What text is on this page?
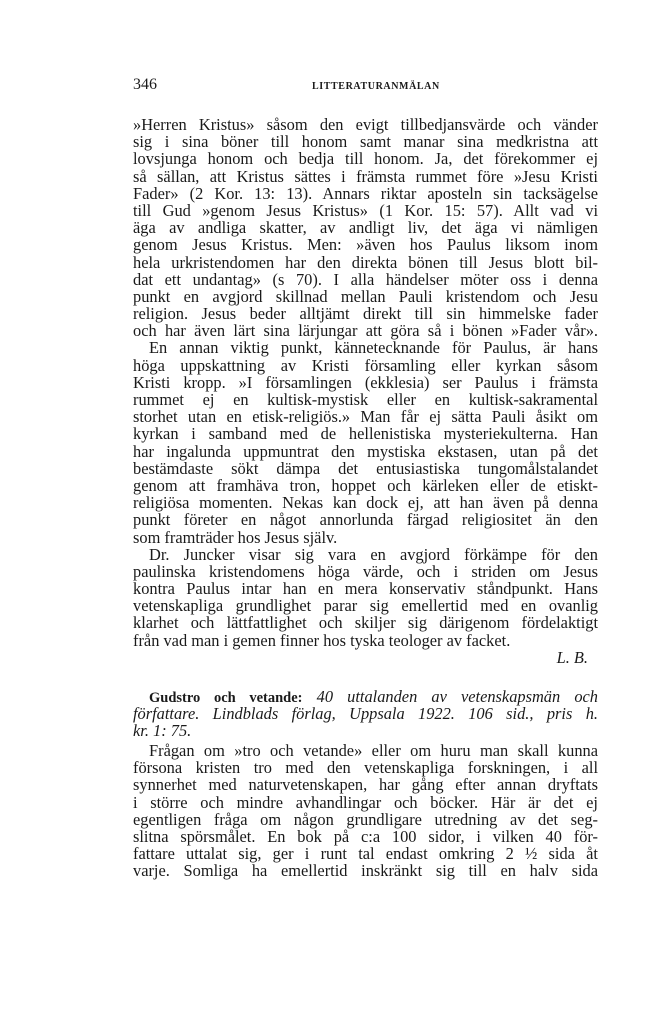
346	LITTERATURANMÄLAN
»Herren Kristus» såsom den evigt tillbedjansvärde och vänder
sig i sina böner till honom samt manar sina medkristna att
lovsjunga honom och bedja till honom. Ja, det förekommer ej
så sällan, att Kristus sättes i främsta rummet före »Jesu Kristi
Fader» (2 Kor. 13: 13). Annars riktar aposteln sin tacksägelse
till Gud »genom Jesus Kristus» (1 Kor. 15: 57). Allt vad vi
äga av andliga skatter, av andligt liv, det äga vi nämligen
genom Jesus Kristus. Men: »även hos Paulus liksom inom
hela urkristendomen har den direkta bönen till Jesus blott bil-
dat ett undantag» (s 70). I alla händelser möter oss i denna
punkt en avgjord skillnad mellan Pauli kristendom och Jesu
religion. Jesus beder alltjämt direkt till sin himmelske fader
och har även lärt sina lärjungar att göra så i bönen »Fader vår».
En annan viktig punkt, kännetecknande för Paulus, är hans
höga uppskattning av Kristi församling eller kyrkan såsom
Kristi kropp. »I församlingen (ekklesia) ser Paulus i främsta
rummet ej en kultisk-mystisk eller en kultisk-sakramental
storhet utan en etisk-religiös.» Man får ej sätta Pauli åsikt om
kyrkan i samband med de hellenistiska mysteriekulterna. Han
har ingalunda uppmuntrat den mystiska ekstasen, utan på det
bestämdaste sökt dämpa det entusiastiska tungomålstalandet
genom att framhäva tron, hoppet och kärleken eller de etiskt-
religiösa momenten. Nekas kan dock ej, att han även på denna
punkt företer en något annorlunda färgad religiositet än den
som framträder hos Jesus själv.
Dr. Juncker visar sig vara en avgjord förkämpe för den
paulinska kristendomens höga värde, och i striden om Jesus
kontra Paulus intar han en mera konservativ ståndpunkt. Hans
vetenskapliga grundlighet parar sig emellertid med en ovanlig
klarhet och lättfattlighet och skiljer sig därigenom fördelaktigt
från vad man i gemen finner hos tyska teologer av facket.
L. B.
Gudstro och vetande: 40 uttalanden av vetenskapsmän och
författare. Lindblads förlag, Uppsala 1922. 106 sid., pris h.
kr. 1: 75.
Frågan om »tro och vetande» eller om huru man skall kunna
försona kristen tro med den vetenskapliga forskningen, i all
synnerhet med naturvetenskapen, har gång efter annan dryftats
i större och mindre avhandlingar och böcker. Här är det ej
egentligen fråga om någon grundligare utredning av det seg-
slitna spörsmålet. En bok på c:a 100 sidor, i vilken 40 för-
fattare uttalat sig, ger i runt tal endast omkring 2 ½ sida åt
varje. Somliga ha emellertid inskränkt sig till en halv sida
